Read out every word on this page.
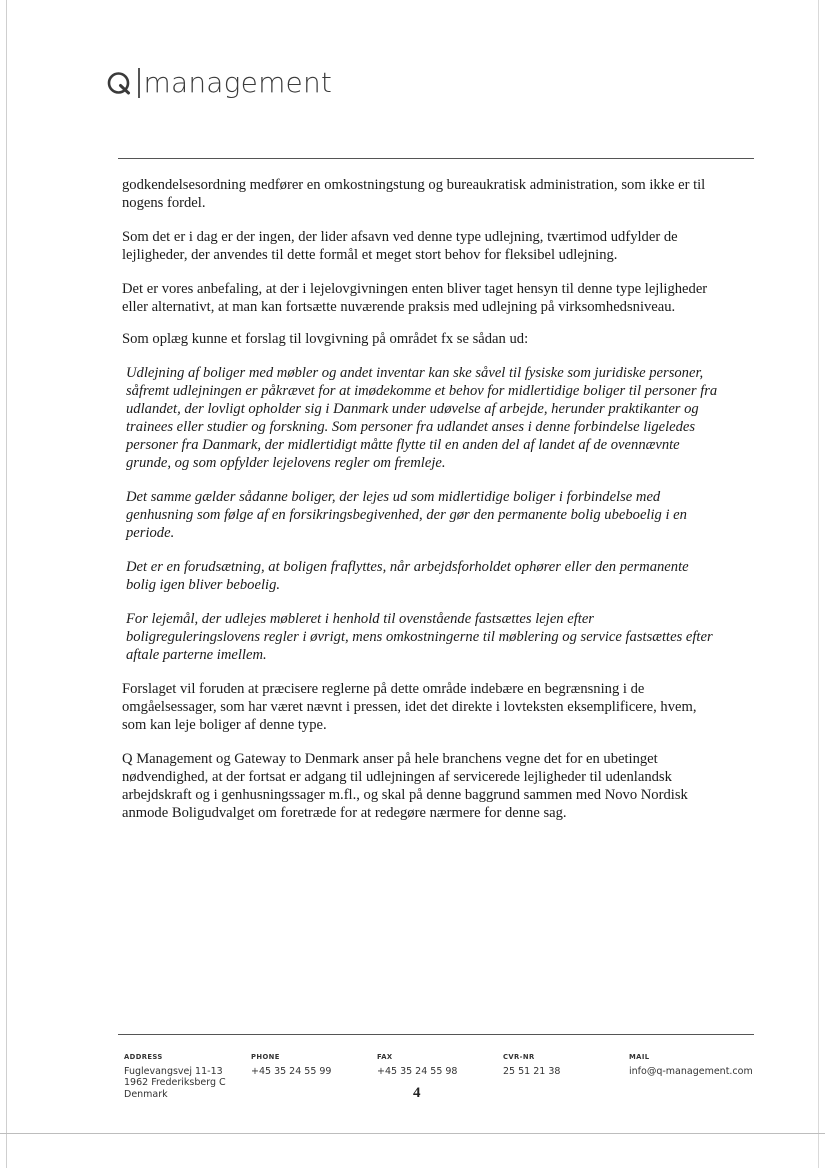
management

godkendelsesordning medfører en omkostningstung og bureaukratisk administration, som ikke er til nogens fordel.

Som det er i dag er der ingen, der lider afsavn ved denne type udlejning, tværtimod udfylder de lejligheder, der anvendes til dette formål et meget stort behov for fleksibel udlejning.

Det er vores anbefaling, at der i lejelovgivningen enten bliver taget hensyn til denne type lejligheder eller alternativt, at man kan fortsætte nuværende praksis med udlejning på virksomhedsniveau.

Som oplæg kunne et forslag til lovgivning på området fx se sådan ud:

Udlejning af boliger med møbler og andet inventar kan ske såvel til fysiske som juridiske personer, såfremt udlejningen er påkrævet for at imødekomme et behov for midlertidige boliger til personer fra udlandet, der lovligt opholder sig i Danmark under udøvelse af arbejde, herunder praktikanter og trainees eller studier og forskning. Som personer fra udlandet anses i denne forbindelse ligeledes personer fra Danmark, der midlertidigt måtte flytte til en anden del af landet af de ovennævnte grunde, og som opfylder lejelovens regler om fremleje.

Det samme gælder sådanne boliger, der lejes ud som midlertidige boliger i forbindelse med genhusning som følge af en forsikringsbegivenhed, der gør den permanente bolig ubeboelig i en periode.

Det er en forudsætning, at boligen fraflyttes, når arbejdsforholdet ophører eller den permanente bolig igen bliver beboelig.

For lejemål, der udlejes møbleret i henhold til ovenstående fastsættes lejen efter boligreguleringslovens regler i øvrigt, mens omkostningerne til møblering og service fastsættes efter aftale parterne imellem.

Forslaget vil foruden at præcisere reglerne på dette område indebære en begrænsning i de omgåelsessager, som har været nævnt i pressen, idet det direkte i lovteksten eksemplificere, hvem, som kan leje boliger af denne type.

Q Management og Gateway to Denmark anser på hele branchens vegne det for en ubetinget nødvendighed, at der fortsat er adgang til udlejningen af servicerede lejligheder til udenlandsk arbejdskraft og i genhusningssager m.fl., og skal på denne baggrund sammen med Novo Nordisk anmode Boligudvalget om foretræde for at redegøre nærmere for denne sag.

ADDRESS
Fuglevangsvej 11-13
1962 Frederiksberg C
Denmark
PHONE
+45 35 24 55 99
FAX
+45 35 24 55 98
CVR-NR
25 51 21 38
MAIL
info@q-management.com
4
